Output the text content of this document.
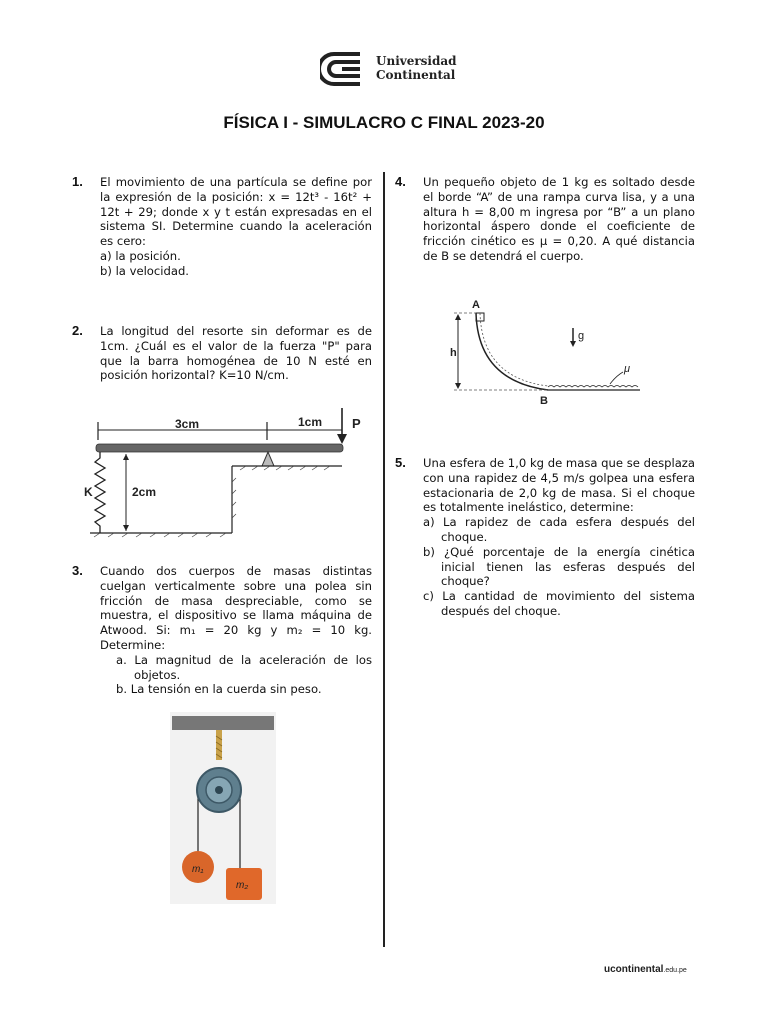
Universidad
Continental
FÍSICA I - SIMULACRO C FINAL 2023-20
1. El movimiento de una partícula se define por la expresión de la posición: x = 12t³ - 16t² + 12t + 29; donde x y t están expresadas en el sistema SI. Determine cuando la aceleración es cero:

a) la posición.

b) la velocidad.

2. La longitud del resorte sin deformar es de 1cm. ¿Cuál es el valor de la fuerza "P" para que la barra homogénea de 10 N esté en posición horizontal? K=10 N/cm.

3cm	1cm P
K	2cm
3. Cuando dos cuerpos de masas distintas cuelgan verticalmente sobre una polea sin fricción de masa despreciable, como se muestra, el dispositivo se llama máquina de Atwood. Si: m₁ = 20 kg y m₂ = 10 kg. Determine:

a. La magnitud de la aceleración de los objetos.

b. La tensión en la cuerda sin peso.

m₁
m₂
4. Un pequeño objeto de 1 kg es soltado desde el borde “A” de una rampa curva lisa, y a una altura h = 8,00 m ingresa por “B” a un plano horizontal áspero donde el coeficiente de fricción cinético es μ = 0,20. A qué distancia de B se detendrá el cuerpo.

A
B
h
g
μ
5. Una esfera de 1,0 kg de masa que se desplaza con una rapidez de 4,5 m/s golpea una esfera estacionaria de 2,0 kg de masa. Si el choque es totalmente inelástico, determine:

a) La rapidez de cada esfera después del choque.

b) ¿Qué porcentaje de la energía cinética inicial tienen las esferas después del choque?

c) La cantidad de movimiento del sistema después del choque.

ucontinental.edu.pe
